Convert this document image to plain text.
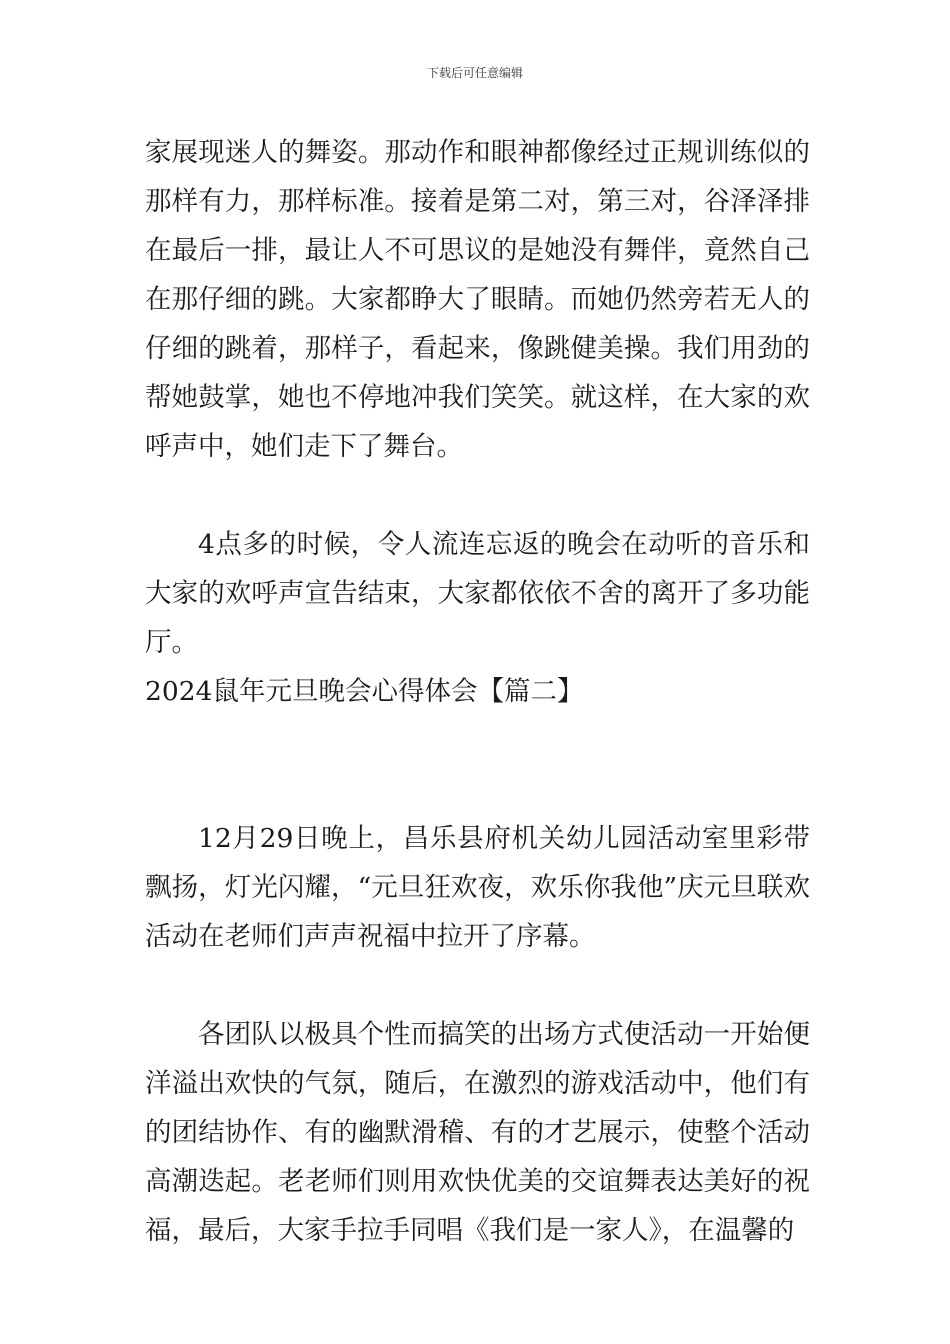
下载后可任意编辑

家展现迷人的舞姿。那动作和眼神都像经过正规训练似的那样有力，那样标准。接着是第二对，第三对，谷泽泽排在最后一排，最让人不可思议的是她没有舞伴，竟然自己在那仔细的跳。大家都睁大了眼睛。而她仍然旁若无人的仔细的跳着，那样子，看起来，像跳健美操。我们用劲的帮她鼓掌，她也不停地冲我们笑笑。就这样，在大家的欢呼声中，她们走下了舞台。

4点多的时候，令人流连忘返的晚会在动听的音乐和大家的欢呼声宣告结束，大家都依依不舍的离开了多功能厅。

2024鼠年元旦晚会心得体会【篇二】

12月29日晚上，昌乐县府机关幼儿园活动室里彩带飘扬，灯光闪耀，“元旦狂欢夜，欢乐你我他”庆元旦联欢活动在老师们声声祝福中拉开了序幕。

各团队以极具个性而搞笑的出场方式使活动一开始便洋溢出欢快的气氛，随后，在激烈的游戏活动中，他们有的团结协作、有的幽默滑稽、有的才艺展示，使整个活动高潮迭起。老老师们则用欢快优美的交谊舞表达美好的祝福，最后，大家手拉手同唱《我们是一家人》，在温馨的
